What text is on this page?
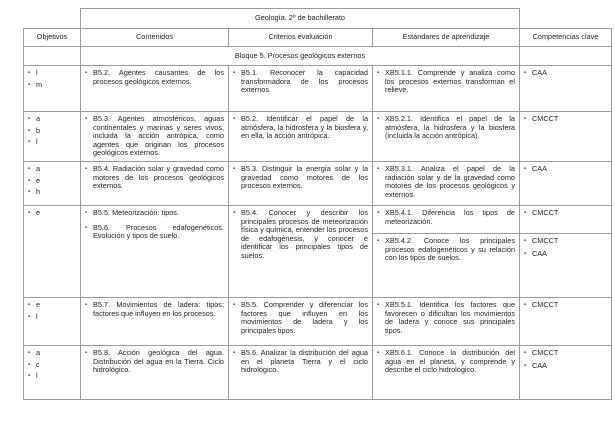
	Geología. 2º de bachillerato			
Objetivos	Contenidos	Criterios evaluación	Estándares de aprendizaje	Competencias clave
	Bloque 5. Procesos geológicos externos			

▪ l
▪ m	▪ B5.2. Agentes causantes de los procesos geológicos externos.	▪ B5.1. Reconocer la capacidad transformadora de los procesos externos.	▪ XB5.1.1. Comprende y analiza como los procesos externos transforman el relieve.	▪ CAA

▪ a
▪ b
▪ l	▪ B5.3. Agentes atmosféricos, aguas continentales y marinas y seres vivos, incluida la acción antrópica, como agentes que originan los procesos geológicos externos.	▪ B5.2. Identificar el papel de la atmósfera, la hidrosfera y la biosfera y, en ella, la acción antrópica.	▪ XB5.2.1. Identifica el papel de la atmósfera, la hidrosfera y la biosfera (incluida la acción antrópica).	▪ CMCCT

▪ a
▪ e
▪ h	▪ B5.4. Radiación solar y gravedad como motores de los procesos geológicos externos.	▪ B5.3. Distinguir la energía solar y la gravedad como motores de los procesos externos.	▪ XB5.3.1. Analiza el papel de la radiación solar y de la gravedad como motores de los procesos geológicos y externos.	▪ CAA

▪ e	▪ B5.5. Meteorización: tipos.
▪ B5.6. Procesos edafogenéticos. Evolución y tipos de suelo.	▪ B5.4. Conocer y describir los principales procesos de meteorización física y química, entender los procesos de edafogénesis, y conocer e identificar los principales tipos de suelos.	▪ XB5.4.1. Diferencia los tipos de meteorización.	▪ CMCCT

			▪ XB5.4.2. Conoce los principales procesos edafogenéticos y su relación con los tipos de suelos.	▪ CMCCT
▪ CAA

▪ e
▪ l	▪ B5.7. Movimientos de ladera: tipos; factores que influyen en los procesos.	▪ B5.5. Comprender y diferenciar los factores que influyen en los movimientos de ladera y los principales tipos.	▪ XB5.5.1. Identifica los factores que favorecen o dificultan los movimientos de ladera y conoce sus principales tipos.	▪ CMCCT

▪ a
▪ c
▪ l	▪ B5.8. Acción geológica del agua. Distribución del agua en la Tierra. Ciclo hidrológico.	▪ B5.6. Analizar la distribución del agua en el planeta Tierra y el ciclo hidrológico.	▪ XB5.6.1. Conoce la distribución del agua en el planeta, y comprende y describe el ciclo hidrológico.	▪ CMCCT
▪ CAA
